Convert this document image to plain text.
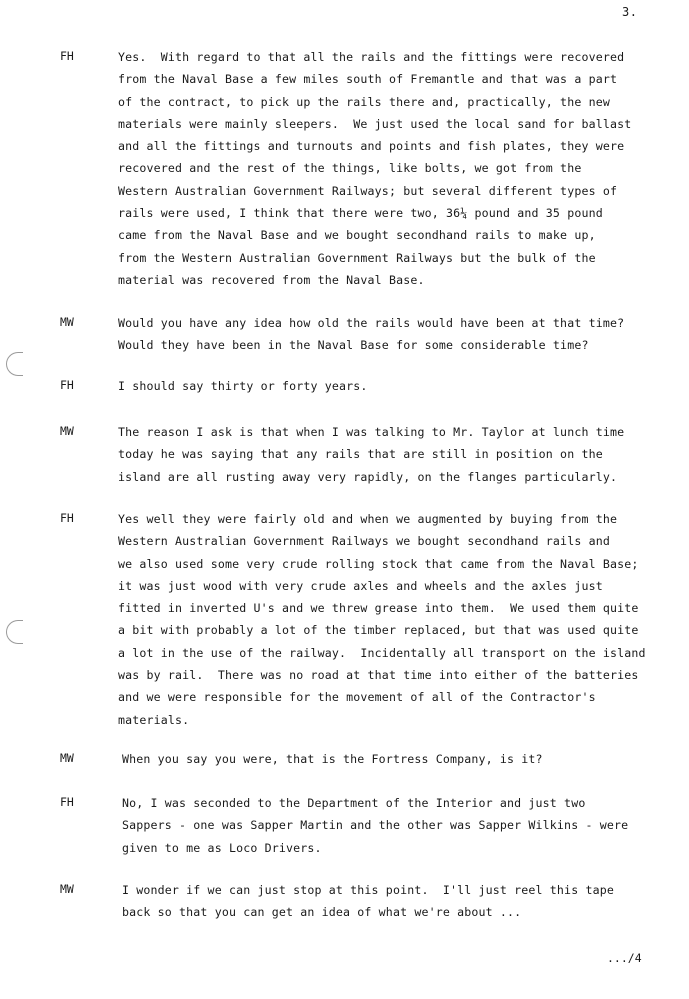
3.
FH	Yes.  With regard to that all the rails and the fittings were recovered
from the Naval Base a few miles south of Fremantle and that was a part
of the contract, to pick up the rails there and, practically, the new
materials were mainly sleepers.  We just used the local sand for ballast
and all the fittings and turnouts and points and fish plates, they were
recovered and the rest of the things, like bolts, we got from the
Western Australian Government Railways; but several different types of
rails were used, I think that there were two, 36¼ pound and 35 pound
came from the Naval Base and we bought secondhand rails to make up,
from the Western Australian Government Railways but the bulk of the
material was recovered from the Naval Base.
MW	Would you have any idea how old the rails would have been at that time?
Would they have been in the Naval Base for some considerable time?
FH	I should say thirty or forty years.
MW	The reason I ask is that when I was talking to Mr. Taylor at lunch time
today he was saying that any rails that are still in position on the
island are all rusting away very rapidly, on the flanges particularly.
FH	Yes well they were fairly old and when we augmented by buying from the
Western Australian Government Railways we bought secondhand rails and
we also used some very crude rolling stock that came from the Naval Base;
it was just wood with very crude axles and wheels and the axles just
fitted in inverted U's and we threw grease into them.  We used them quite
a bit with probably a lot of the timber replaced, but that was used quite
a lot in the use of the railway.  Incidentally all transport on the island
was by rail.  There was no road at that time into either of the batteries
and we were responsible for the movement of all of the Contractor's
materials.
MW	When you say you were, that is the Fortress Company, is it?
FH	No, I was seconded to the Department of the Interior and just two
Sappers - one was Sapper Martin and the other was Sapper Wilkins - were
given to me as Loco Drivers.
MW	I wonder if we can just stop at this point.  I'll just reel this tape
back so that you can get an idea of what we're about ...
.../4
